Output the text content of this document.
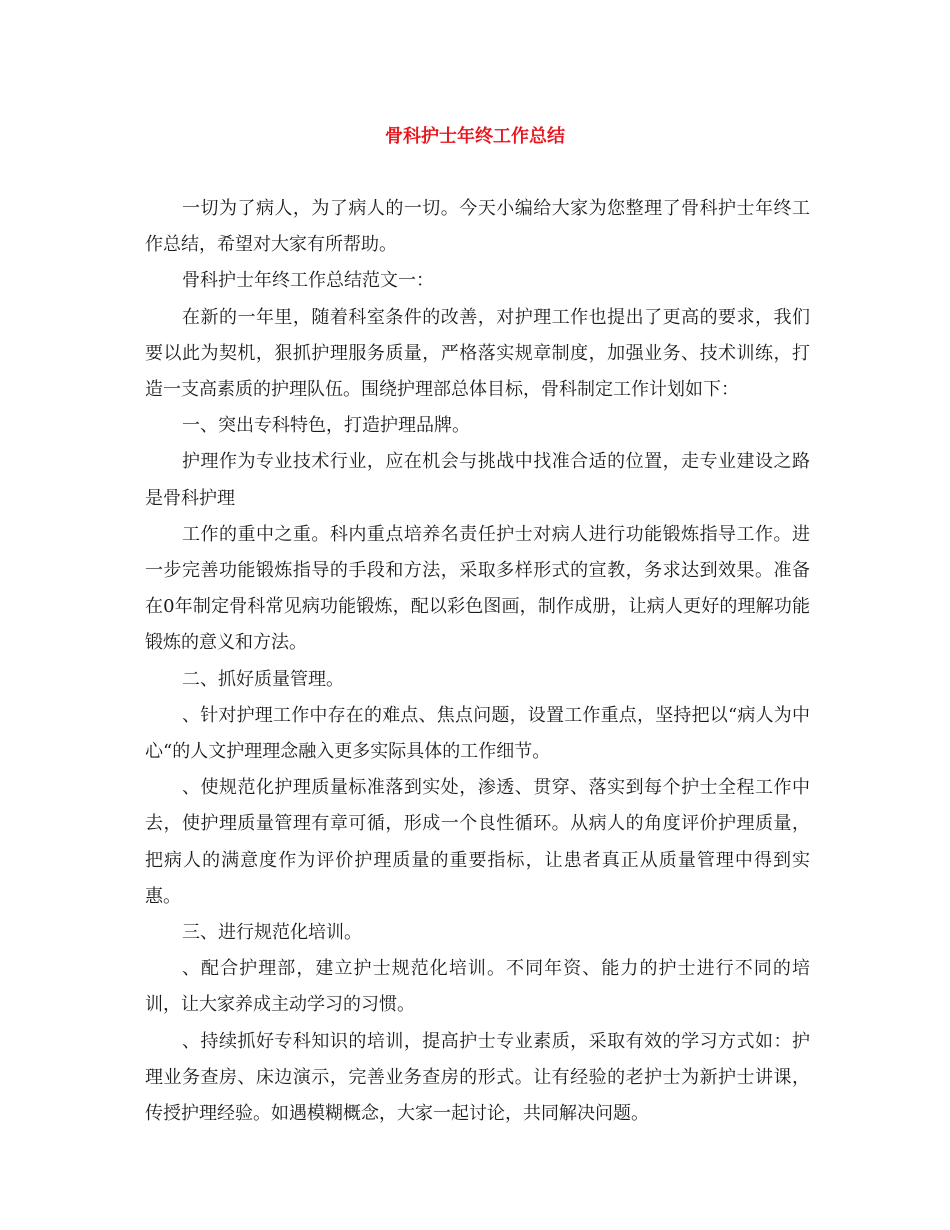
骨科护士年终工作总结

一切为了病人，为了病人的一切。今天小编给大家为您整理了骨科护士年终工作总结，希望对大家有所帮助。

骨科护士年终工作总结范文一：

在新的一年里，随着科室条件的改善，对护理工作也提出了更高的要求，我们要以此为契机，狠抓护理服务质量，严格落实规章制度，加强业务、技术训练，打造一支高素质的护理队伍。围绕护理部总体目标，骨科制定工作计划如下：

一、突出专科特色，打造护理品牌。

护理作为专业技术行业，应在机会与挑战中找准合适的位置，走专业建设之路是骨科护理

工作的重中之重。科内重点培养名责任护士对病人进行功能锻炼指导工作。进一步完善功能锻炼指导的手段和方法，采取多样形式的宣教，务求达到效果。准备在0年制定骨科常见病功能锻炼，配以彩色图画，制作成册，让病人更好的理解功能锻炼的意义和方法。

二、抓好质量管理。

、针对护理工作中存在的难点、焦点问题，设置工作重点，坚持把以“病人为中心“的人文护理理念融入更多实际具体的工作细节。

、使规范化护理质量标准落到实处，渗透、贯穿、落实到每个护士全程工作中去，使护理质量管理有章可循，形成一个良性循环。从病人的角度评价护理质量，把病人的满意度作为评价护理质量的重要指标，让患者真正从质量管理中得到实惠。

三、进行规范化培训。

、配合护理部，建立护士规范化培训。不同年资、能力的护士进行不同的培训，让大家养成主动学习的习惯。

、持续抓好专科知识的培训，提高护士专业素质，采取有效的学习方式如：护理业务查房、床边演示，完善业务查房的形式。让有经验的老护士为新护士讲课，传授护理经验。如遇模糊概念，大家一起讨论，共同解决问题。
